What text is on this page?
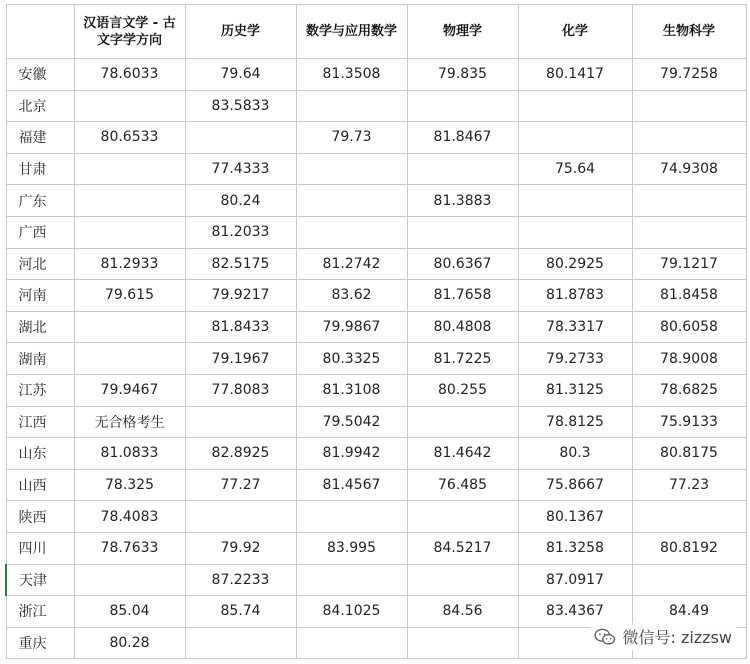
	汉语言文学 - 古文字学方向	历史学	数学与应用数学	物理学	化学	生物科学
安徽	78.6033	79.64	81.3508	79.835	80.1417	79.7258
北京		83.5833				
福建	80.6533		79.73	81.8467		
甘肃		77.4333			75.64	74.9308
广东		80.24		81.3883		
广西		81.2033				
河北	81.2933	82.5175	81.2742	80.6367	80.2925	79.1217
河南	79.615	79.9217	83.62	81.7658	81.8783	81.8458
湖北		81.8433	79.9867	80.4808	78.3317	80.6058
湖南		79.1967	80.3325	81.7225	79.2733	78.9008
江苏	79.9467	77.8083	81.3108	80.255	81.3125	78.6825
江西	无合格考生		79.5042		78.8125	75.9133
山东	81.0833	82.8925	81.9942	81.4642	80.3	80.8175
山西	78.325	77.27	81.4567	76.485	75.8667	77.23
陕西	78.4083				80.1367	
四川	78.7633	79.92	83.995	84.5217	81.3258	80.8192
天津		87.2233			87.0917	
浙江	85.04	85.74	84.1025	84.56	83.4367	84.49
重庆	80.28						微信号: zizzsw
